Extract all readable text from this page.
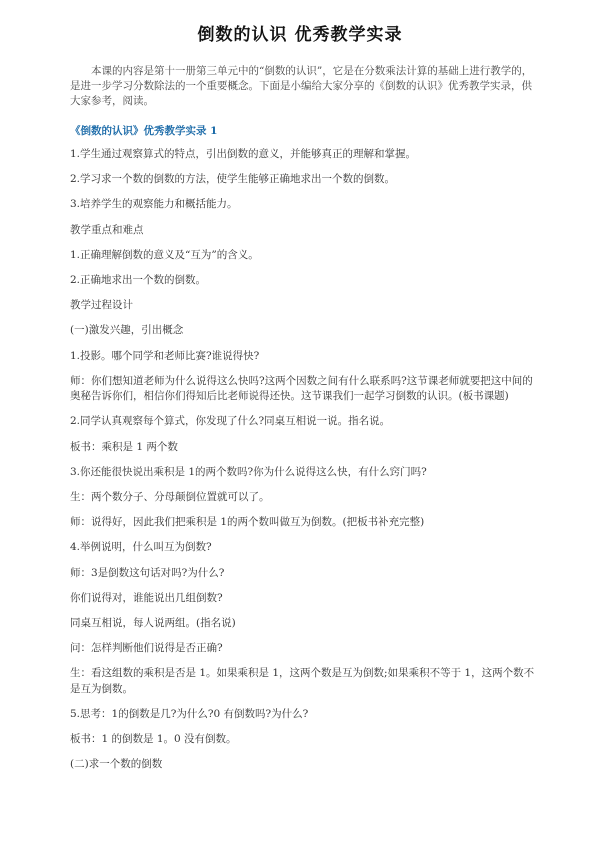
倒数的认识 优秀教学实录

本课的内容是第十一册第三单元中的“倒数的认识”，它是在分数乘法计算的基础上进行教学的，是进一步学习分数除法的一个重要概念。下面是小编给大家分享的《倒数的认识》优秀教学实录，供大家参考，阅读。

《倒数的认识》优秀教学实录 1

1.学生通过观察算式的特点，引出倒数的意义，并能够真正的理解和掌握。

2.学习求一个数的倒数的方法，使学生能够正确地求出一个数的倒数。

3.培养学生的观察能力和概括能力。

教学重点和难点

1.正确理解倒数的意义及“互为”的含义。

2.正确地求出一个数的倒数。

教学过程设计

(一)激发兴趣，引出概念

1.投影。哪个同学和老师比赛?谁说得快?

师：你们想知道老师为什么说得这么快吗?这两个因数之间有什么联系吗?这节课老师就要把这中间的奥秘告诉你们，相信你们得知后比老师说得还快。这节课我们一起学习倒数的认识。(板书课题)

2.同学认真观察每个算式，你发现了什么?同桌互相说一说。指名说。

板书：乘积是 1 两个数

3.你还能很快说出乘积是 1的两个数吗?你为什么说得这么快，有什么窍门吗?

生：两个数分子、分母颠倒位置就可以了。

师：说得好，因此我们把乘积是 1的两个数叫做互为倒数。(把板书补充完整)

4.举例说明，什么叫互为倒数?

师：3是倒数这句话对吗?为什么?

你们说得对，谁能说出几组倒数?

同桌互相说，每人说两组。(指名说)

问：怎样判断他们说得是否正确?

生：看这组数的乘积是否是 1。如果乘积是 1，这两个数是互为倒数;如果乘积不等于 1，这两个数不是互为倒数。

5.思考：1的倒数是几?为什么?0 有倒数吗?为什么?

板书：1 的倒数是 1。0 没有倒数。

(二)求一个数的倒数
